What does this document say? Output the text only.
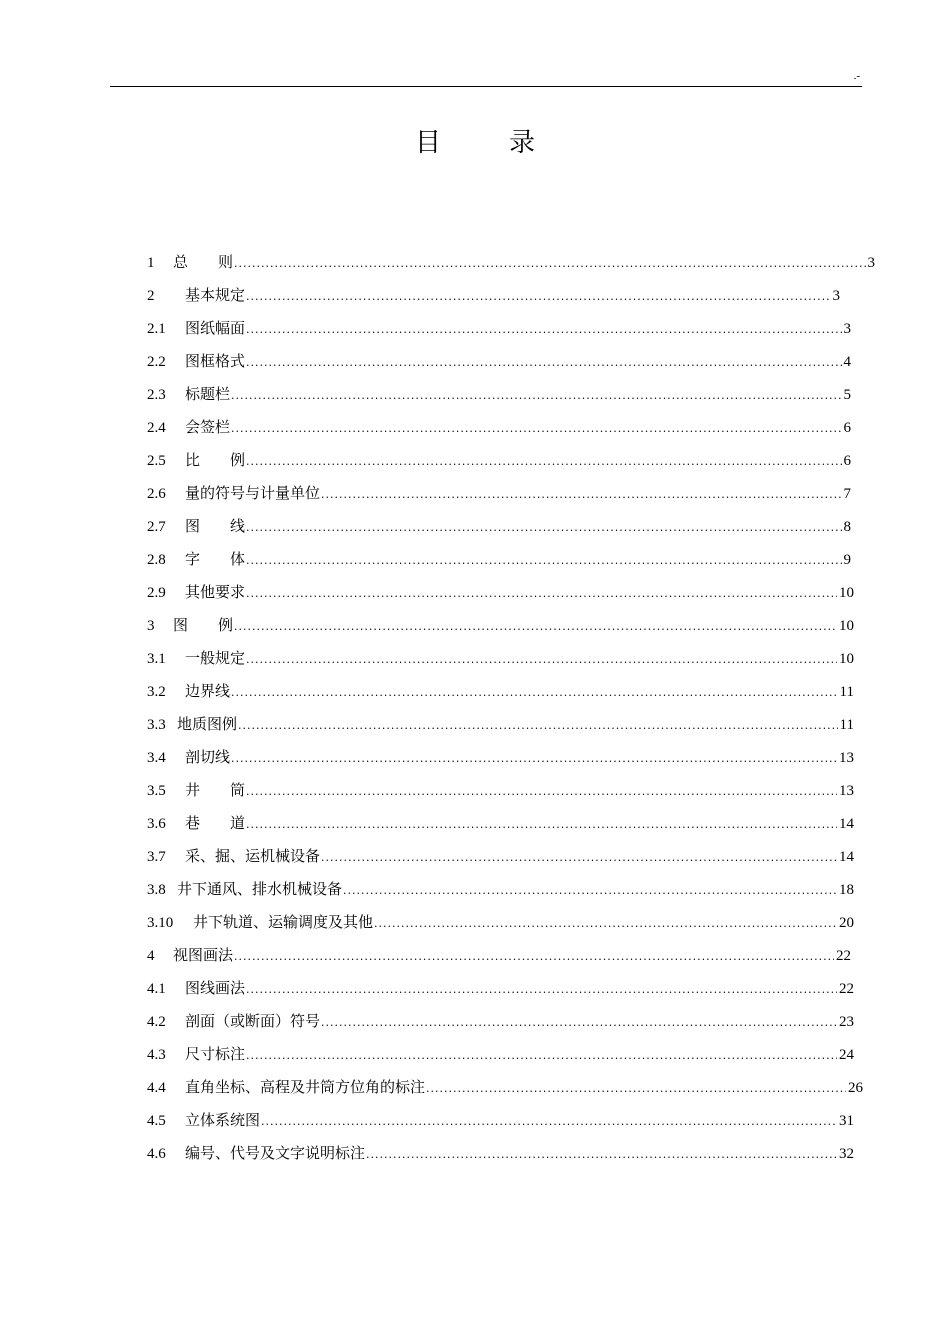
.-
目录
1	总　　则 .....	3
2	基本规定 .....	3
2.1	图纸幅面 .....	3
2.2	图框格式 .....	4
2.3	标题栏 .....	5
2.4	会签栏 .....	6
2.5	比　　例 .....	6
2.6	量的符号与计量单位 .....	7
2.7	图　　线 .....	8
2.8	字　　体 .....	9
2.9	其他要求 .....	10
3	图　　例 .....	10
3.1	一般规定 .....	10
3.2	边界线 .....	11
3.3 地质图例 .....	11
3.4	剖切线 .....	13
3.5	井　　筒 .....	13
3.6	巷　　道 .....	14
3.7	采、掘、运机械设备 .....	14
3.8 井下通风、排水机械设备 .....	18
3.10	井下轨道、运输调度及其他 .....	20
4	视图画法 .....	22
4.1	图线画法 .....	22
4.2	剖面（或断面）符号 .....	23
4.3	尺寸标注 .....	24
4.4	直角坐标、高程及井筒方位角的标注 .....	26
4.5	立体系统图 .....	31
4.6	编号、代号及文字说明标注 .....	32
